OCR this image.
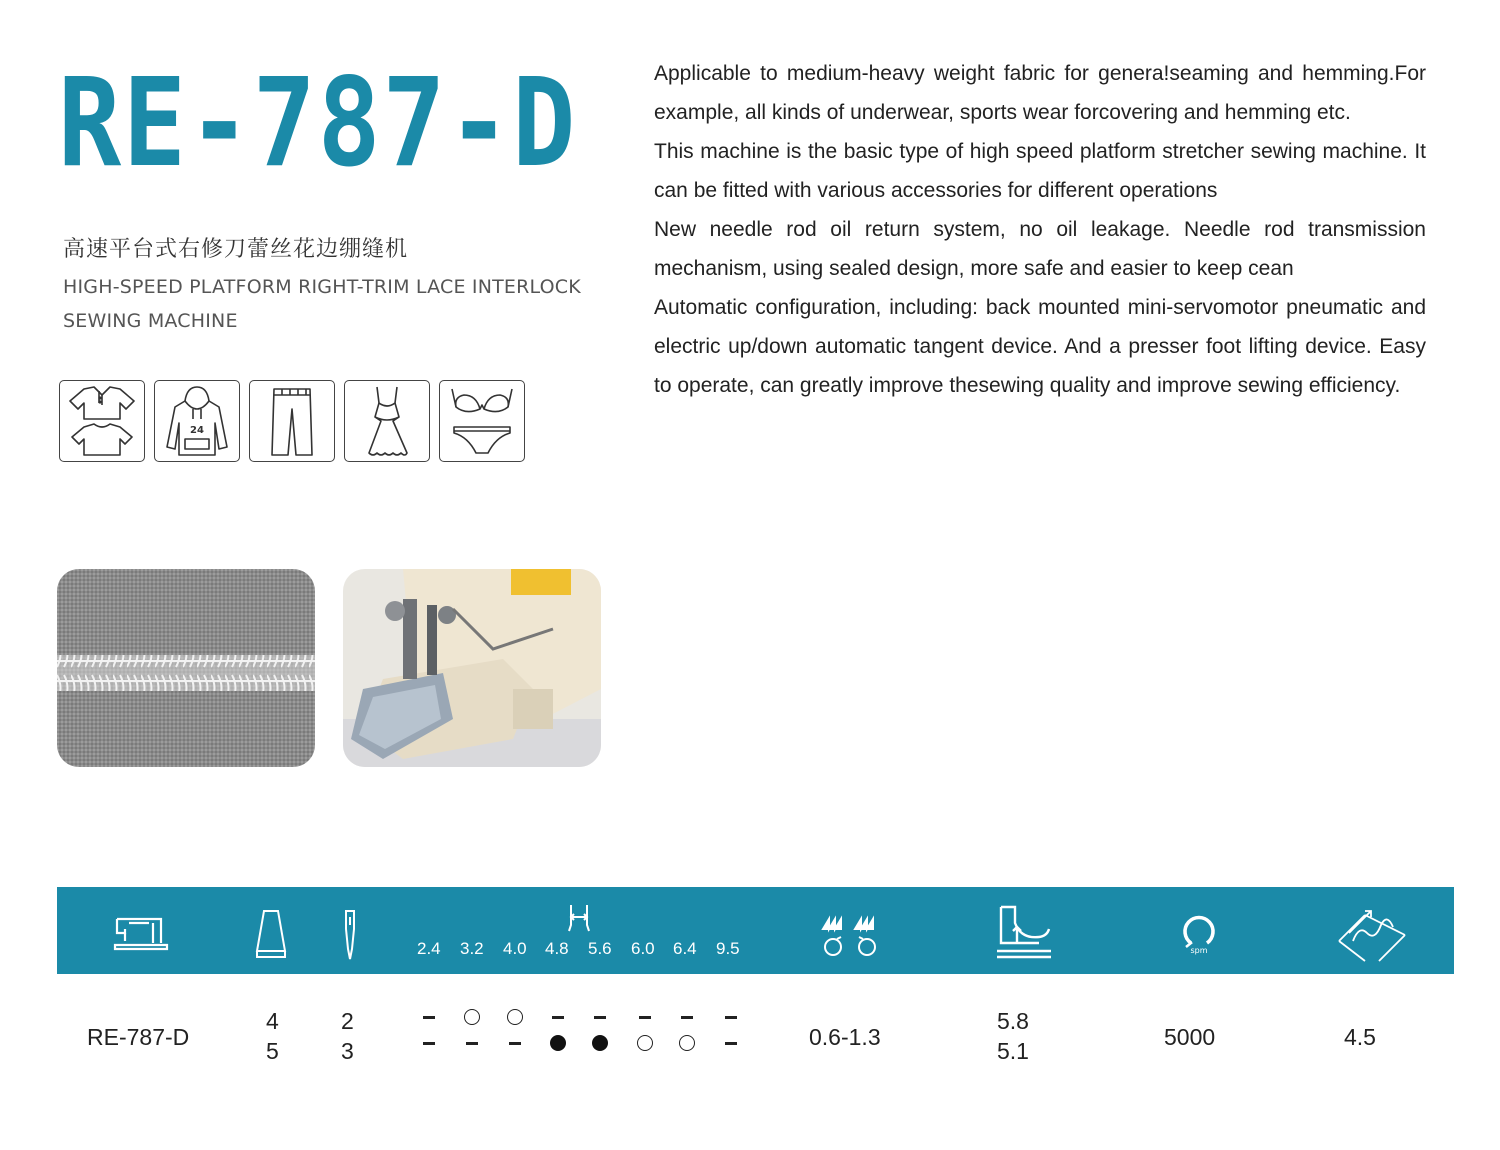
RE-787-D
高速平台式右修刀蕾丝花边绷缝机
HIGH-SPEED PLATFORM RIGHT-TRIM LACE INTERLOCK
SEWING MACHINE
24

Applicable to medium-heavy weight fabric for genera!seaming and hemming.For example, all kinds of underwear, sports wear forcovering and hemming etc.

This machine is the basic type of high speed platform stretcher sewing machine. It can be fitted with various accessories for different operations

New needle rod oil return system, no oil leakage. Needle rod transmission mechanism, using sealed design, more safe and easier to keep cean

Automatic configuration, including: back mounted mini-servomotor pneumatic and electric up/down automatic tangent device. And a presser foot lifting device. Easy to operate, can greatly improve thesewing quality and improve sewing efficiency.

2.4 3.2 4.0 4.8 5.6 6.0 6.4 9.5	spm
RE-787-D
4
5
2
3
0.6-1.3
5.8
5.1
5000	4.5
